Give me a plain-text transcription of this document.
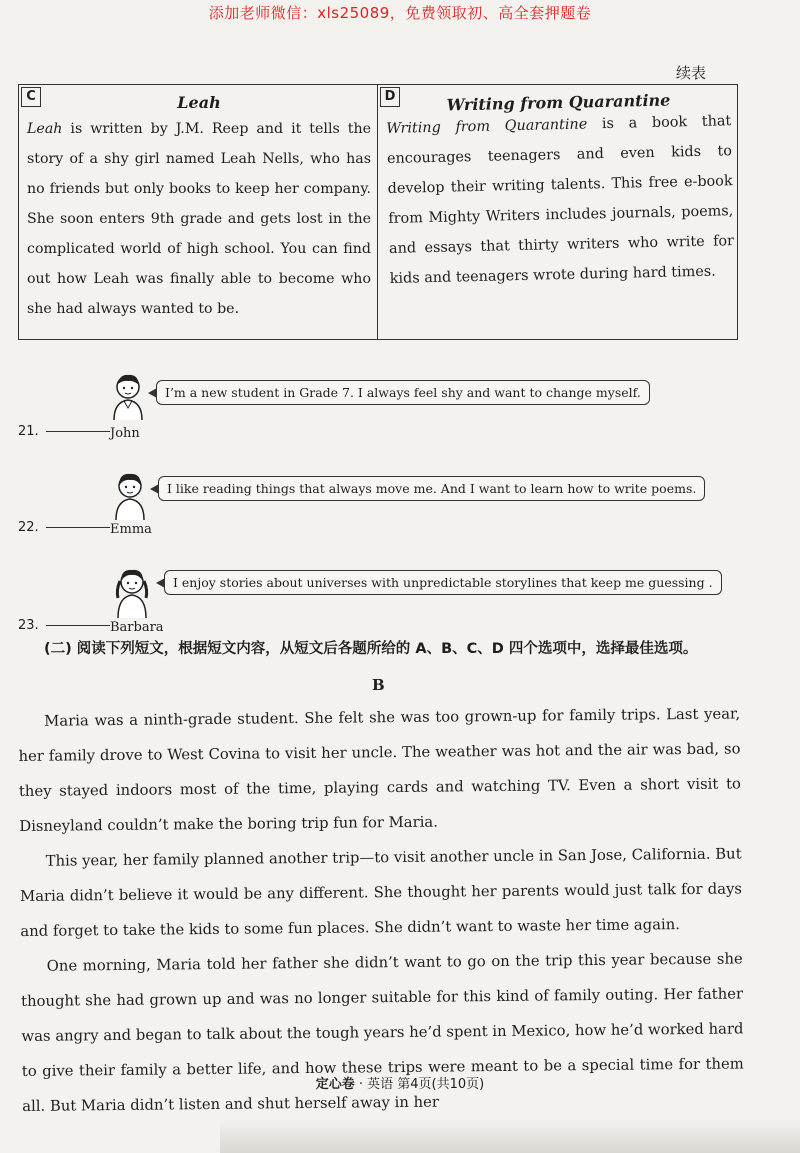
添加老师微信：xls25089，免费领取初、高全套押题卷
续表
C	Leah
Leah is written by J.M. Reep and it tells the story of a shy girl named Leah Nells, who has no friends but only books to keep her company. She soon enters 9th grade and gets lost in the complicated world of high school. You can find out how Leah was finally able to become who she had always wanted to be.
D	Writing from Quarantine
Writing from Quarantine is a book that encourages teenagers and even kids to develop their writing talents. This free e-book from Mighty Writers includes journals, poems, and essays that thirty writers who write for kids and teenagers wrote during hard times.
I’m a new student in Grade 7. I always feel shy and want to change myself.
21.	John
I like reading things that always move me. And I want to learn how to write poems.
22.	Emma
I enjoy stories about universes with unpredictable storylines that keep me guessing .
23.	Barbara
(二) 阅读下列短文，根据短文内容，从短文后各题所给的 A、B、C、D 四个选项中，选择最佳选项。
B

Maria was a ninth-grade student. She felt she was too grown-up for family trips. Last year, her family drove to West Covina to visit her uncle. The weather was hot and the air was bad, so they stayed indoors most of the time, playing cards and watching TV. Even a short visit to Disneyland couldn’t make the boring trip fun for Maria.

This year, her family planned another trip—to visit another uncle in San Jose, California. But Maria didn’t believe it would be any different. She thought her parents would just talk for days and forget to take the kids to some fun places. She didn’t want to waste her time again.

One morning, Maria told her father she didn’t want to go on the trip this year because she thought she had grown up and was no longer suitable for this kind of family outing. Her father was angry and began to talk about the tough years he’d spent in Mexico, how he’d worked hard to give their family a better life, and how these trips were meant to be a special time for them all. But Maria didn’t listen and shut herself away in her

定心卷 · 英语 第4页(共10页)
